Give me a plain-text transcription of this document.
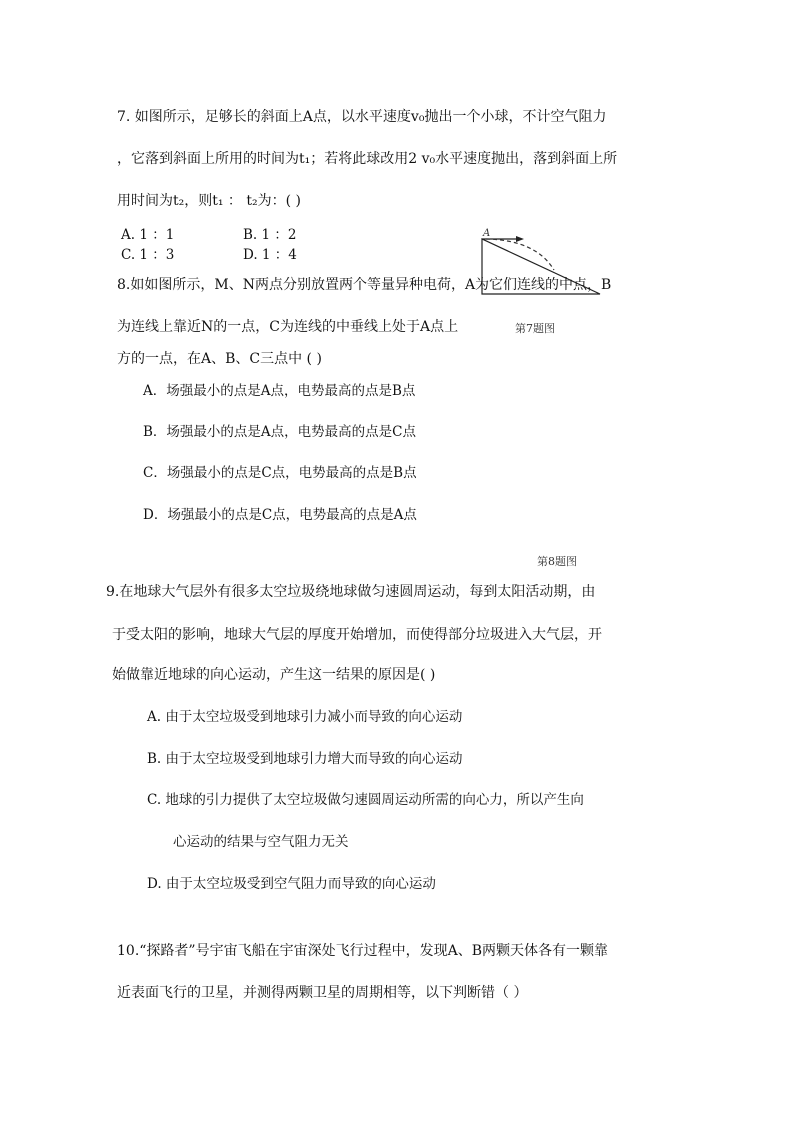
7. 如图所示，足够长的斜面上A点，以水平速度v₀抛出一个小球，不计空气阻力
，它落到斜面上所用的时间为t₁；若将此球改用2 v₀水平速度抛出，落到斜面上所
用时间为t₂，则t₁ ： t₂为：( )
A. 1 ：1	B. 1 ：2
C. 1 ：3	D. 1 ：4
A
8.如如图所示，M、N两点分别放置两个等量异种电荷，A为它们连线的中点，B
为连线上靠近N的一点，C为连线的中垂线上处于A点上	第7题图
方的一点，在A、B、C三点中 ( )
A．场强最小的点是A点，电势最高的点是B点
B．场强最小的点是A点，电势最高的点是C点
C．场强最小的点是C点，电势最高的点是B点
D．场强最小的点是C点，电势最高的点是A点
第8题图
9.在地球大气层外有很多太空垃圾绕地球做匀速圆周运动，每到太阳活动期，由
于受太阳的影响，地球大气层的厚度开始增加，而使得部分垃圾进入大气层，开
始做靠近地球的向心运动，产生这一结果的原因是( )
A. 由于太空垃圾受到地球引力减小而导致的向心运动
B. 由于太空垃圾受到地球引力增大而导致的向心运动
C. 地球的引力提供了太空垃圾做匀速圆周运动所需的向心力，所以产生向
心运动的结果与空气阻力无关
D. 由于太空垃圾受到空气阻力而导致的向心运动
10.“探路者”号宇宙飞船在宇宙深处飞行过程中，发现A、B两颗天体各有一颗靠
近表面飞行的卫星，并测得两颗卫星的周期相等，以下判断错（ ）
